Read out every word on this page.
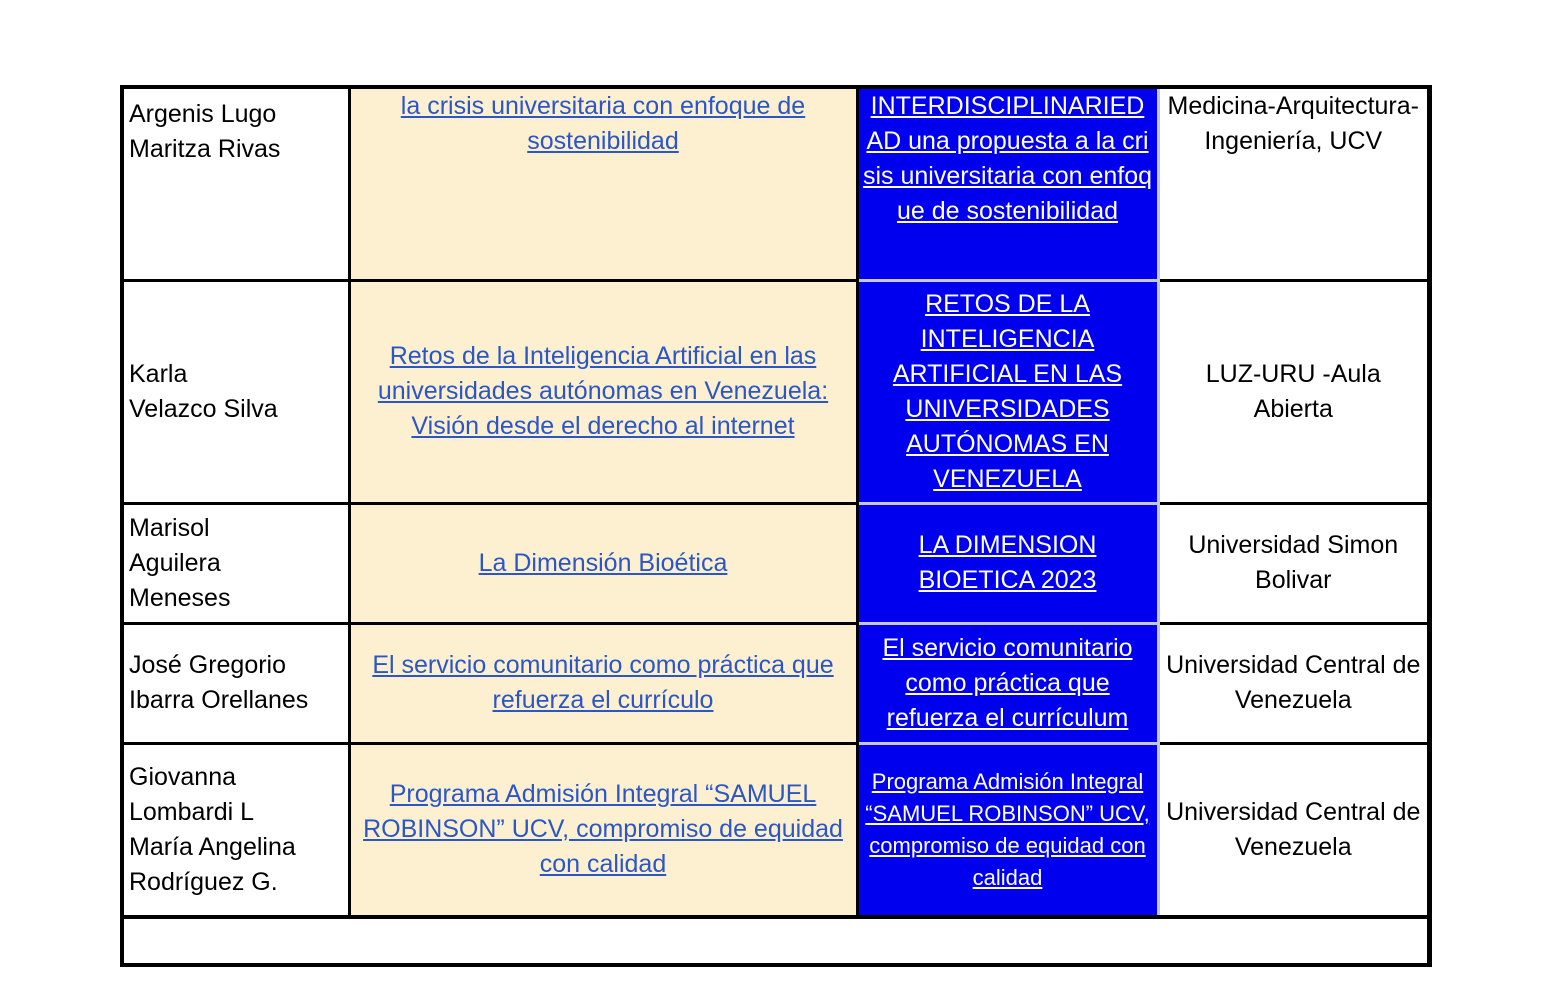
Argenis Lugo
Maritza Rivas	la crisis universitaria con enfoque de sostenibilidad	INTERDISCIPLINARIEDAD una propuesta a la crisis universitaria con enfoque de sostenibilidad	Medicina-Arquitectura-Ingeniería, UCV

Karla
Velazco Silva	Retos de la Inteligencia Artificial en las universidades autónomas en Venezuela: Visión desde el derecho al internet	RETOS DE LA INTELIGENCIA ARTIFICIAL EN LAS UNIVERSIDADES AUTÓNOMAS EN VENEZUELA	LUZ-URU -Aula Abierta

Marisol
Aguilera
Meneses	La Dimensión Bioética	LA DIMENSION BIOETICA 2023	Universidad Simon Bolivar

José Gregorio
Ibarra Orellanes	El servicio comunitario como práctica que refuerza el currículo	El servicio comunitario como práctica que refuerza el currículum	Universidad Central de Venezuela

Giovanna
Lombardi L
María Angelina
Rodríguez G.	Programa Admisión Integral “SAMUEL ROBINSON” UCV, compromiso de equidad con calidad	Programa Admisión Integral “SAMUEL ROBINSON” UCV, compromiso de equidad con calidad	Universidad Central de Venezuela
